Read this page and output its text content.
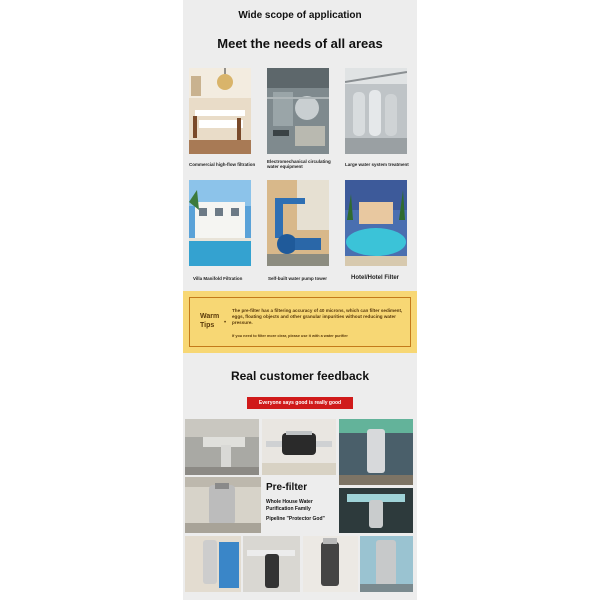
Wide scope of application
Meet the needs of all areas
Commercial high-flow filtration
Electromechanical circulating water equipment	Large water system treatment
Villa Manifold Filtration	Self-built water pump tower	Hotel/Hotel Filter
Warm
Tips	•
The pre-filter has a filtering accuracy of 40 microns, which can filter sediment, eggs, floating objects and other granular impurities without reducing water pressure.
If you need to filter more clear, please use it with a water purifier
Real customer feedback
Everyone says good is really good
Pre-filter
Whole House Water Purification Family
Pipeline "Protector God"
